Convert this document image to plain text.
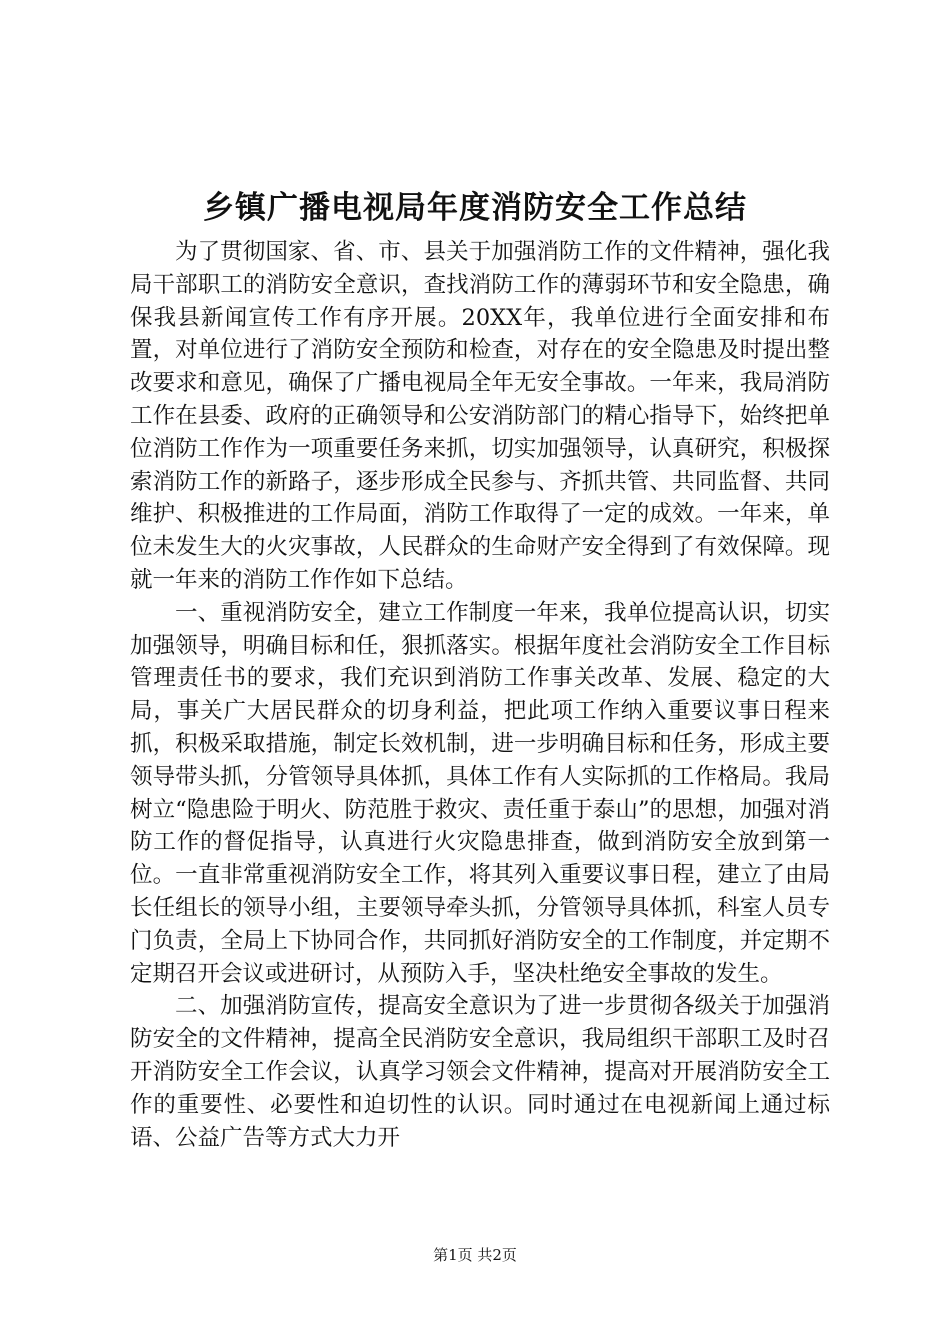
乡镇广播电视局年度消防安全工作总结

为了贯彻国家、省、市、县关于加强消防工作的文件精神，强化我局干部职工的消防安全意识，查找消防工作的薄弱环节和安全隐患，确保我县新闻宣传工作有序开展。20XX年，我单位进行全面安排和布置，对单位进行了消防安全预防和检查，对存在的安全隐患及时提出整改要求和意见，确保了广播电视局全年无安全事故。一年来，我局消防工作在县委、政府的正确领导和公安消防部门的精心指导下，始终把单位消防工作作为一项重要任务来抓，切实加强领导，认真研究，积极探索消防工作的新路子，逐步形成全民参与、齐抓共管、共同监督、共同维护、积极推进的工作局面，消防工作取得了一定的成效。一年来，单位未发生大的火灾事故，人民群众的生命财产安全得到了有效保障。现就一年来的消防工作作如下总结。

一、重视消防安全，建立工作制度一年来，我单位提高认识，切实加强领导，明确目标和任，狠抓落实。根据年度社会消防安全工作目标管理责任书的要求，我们充识到消防工作事关改革、发展、稳定的大局，事关广大居民群众的切身利益，把此项工作纳入重要议事日程来抓，积极采取措施，制定长效机制，进一步明确目标和任务，形成主要领导带头抓，分管领导具体抓，具体工作有人实际抓的工作格局。我局树立“隐患险于明火、防范胜于救灾、责任重于泰山”的思想，加强对消防工作的督促指导，认真进行火灾隐患排查，做到消防安全放到第一位。一直非常重视消防安全工作，将其列入重要议事日程，建立了由局长任组长的领导小组，主要领导牵头抓，分管领导具体抓，科室人员专门负责，全局上下协同合作，共同抓好消防安全的工作制度，并定期不定期召开会议或进研讨，从预防入手，坚决杜绝安全事故的发生。

二、加强消防宣传，提高安全意识为了进一步贯彻各级关于加强消防安全的文件精神，提高全民消防安全意识，我局组织干部职工及时召开消防安全工作会议，认真学习领会文件精神，提高对开展消防安全工作的重要性、必要性和迫切性的认识。同时通过在电视新闻上通过标语、公益广告等方式大力开

第1页 共2页
